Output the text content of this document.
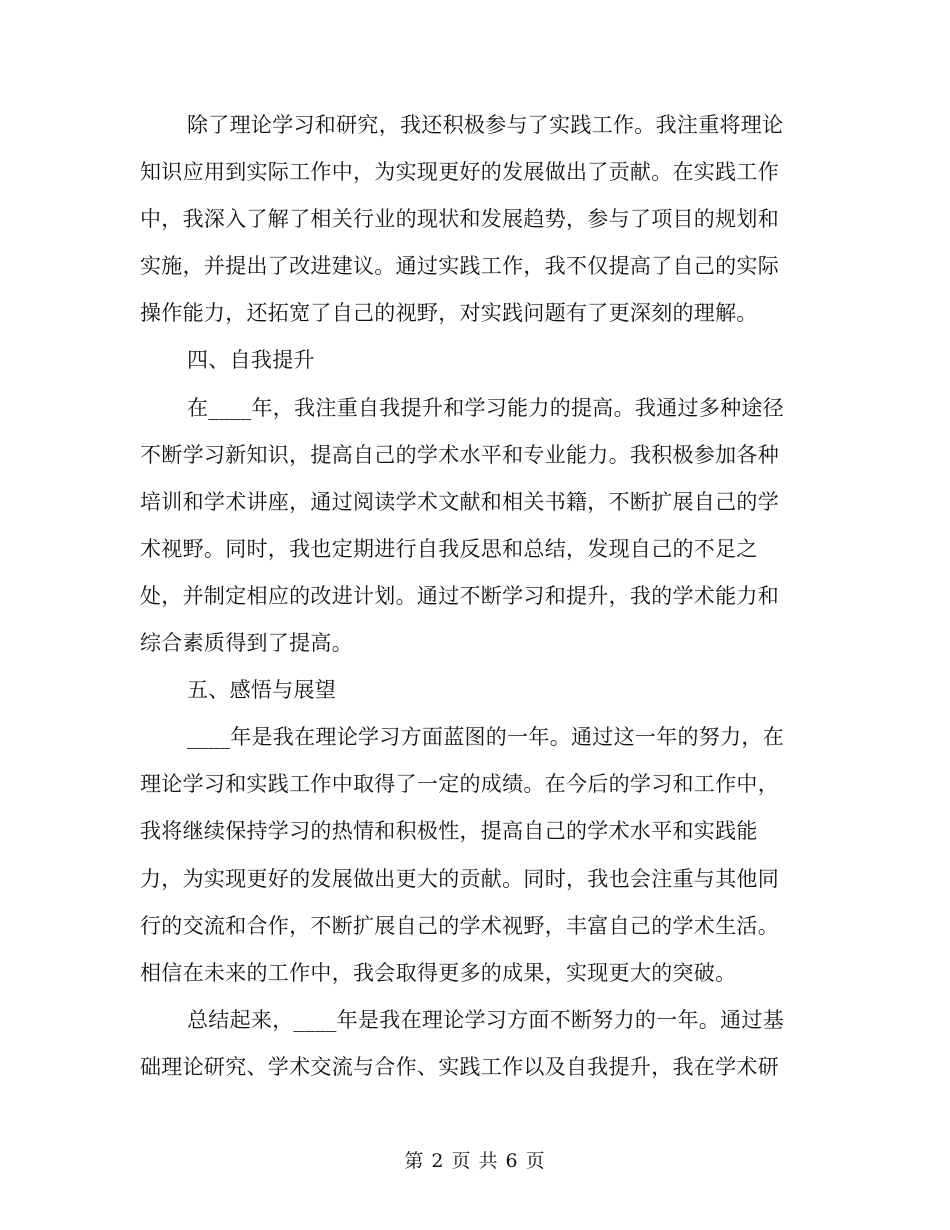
除了理论学习和研究，我还积极参与了实践工作。我注重将理论
知识应用到实际工作中，为实现更好的发展做出了贡献。在实践工作
中，我深入了解了相关行业的现状和发展趋势，参与了项目的规划和
实施，并提出了改进建议。通过实践工作，我不仅提高了自己的实际
操作能力，还拓宽了自己的视野，对实践问题有了更深刻的理解。
四、自我提升
在____年，我注重自我提升和学习能力的提高。我通过多种途径
不断学习新知识，提高自己的学术水平和专业能力。我积极参加各种
培训和学术讲座，通过阅读学术文献和相关书籍，不断扩展自己的学
术视野。同时，我也定期进行自我反思和总结，发现自己的不足之
处，并制定相应的改进计划。通过不断学习和提升，我的学术能力和
综合素质得到了提高。
五、感悟与展望
____年是我在理论学习方面蓝图的一年。通过这一年的努力，在
理论学习和实践工作中取得了一定的成绩。在今后的学习和工作中，
我将继续保持学习的热情和积极性，提高自己的学术水平和实践能
力，为实现更好的发展做出更大的贡献。同时，我也会注重与其他同
行的交流和合作，不断扩展自己的学术视野，丰富自己的学术生活。
相信在未来的工作中，我会取得更多的成果，实现更大的突破。
总结起来，____年是我在理论学习方面不断努力的一年。通过基
础理论研究、学术交流与合作、实践工作以及自我提升，我在学术研
第 2 页 共 6 页
